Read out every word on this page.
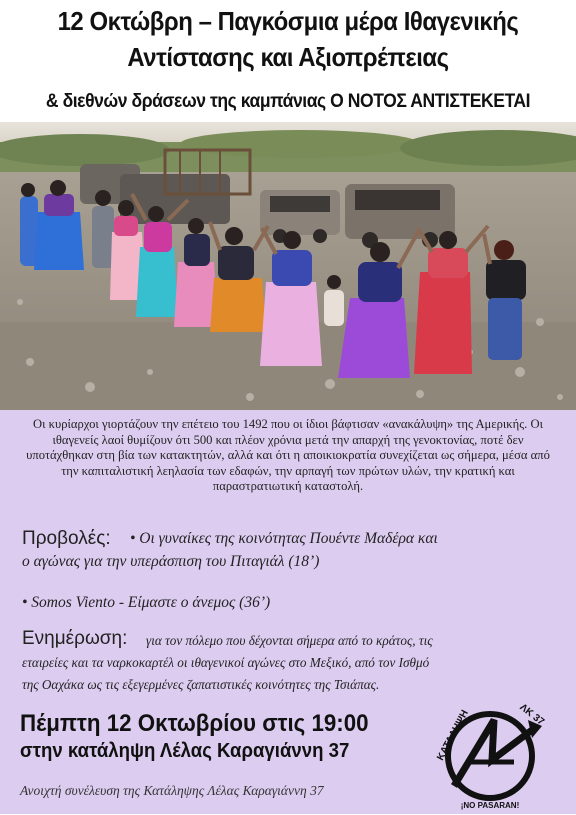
12 Οκτώβρη – Παγκόσμια μέρα Ιθαγενικής
Αντίστασης και Αξιοπρέπειας
& διεθνών δράσεων της καμπάνιας Ο ΝΟΤΟΣ ΑΝΤΙΣΤΕΚΕΤΑΙ
Οι κυρίαρχοι γιορτάζουν την επέτειο του 1492 που οι ίδιοι βάφτισαν «ανακάλυψη» της Αμερικής. Οι ιθαγενείς λαοί θυμίζουν ότι 500 και πλέον χρόνια μετά την απαρχή της γενοκτονίας, ποτέ δεν υποτάχθηκαν στη βία των κατακτητών, αλλά και ότι η αποικιοκρατία συνεχίζεται ως σήμερα, μέσα από την καπιταλιστική λεηλασία των εδαφών, την αρπαγή των πρώτων υλών, την κρατική και παραστρατιωτική καταστολή.
Προβολές: • Οι γυναίκες της κοινότητας Πουέντε Μαδέρα και
ο αγώνας για την υπεράσπιση του Πιταγιάλ (18’)
• Somos Viento - Είμαστε ο άνεμος (36’)
Ενημέρωση: για τον πόλεμο που δέχονται σήμερα από το κράτος, τις
εταιρείες και τα ναρκοκαρτέλ οι ιθαγενικοί αγώνες στο Μεξικό, από τον Ισθμό
της Οαχάκα ως τις εξεγερμένες ζαπατιστικές κοινότητες της Τσιάπας.
Πέμπτη 12 Οκτωβρίου στις 19:00
στην κατάληψη Λέλας Καραγιάννη 37
Ανοιχτή συνέλευση της Κατάληψης Λέλας Καραγιάννη 37
ΚΑΤΑΛΗΨΗ	ΛΚ 37
¡NO PASARAN!
